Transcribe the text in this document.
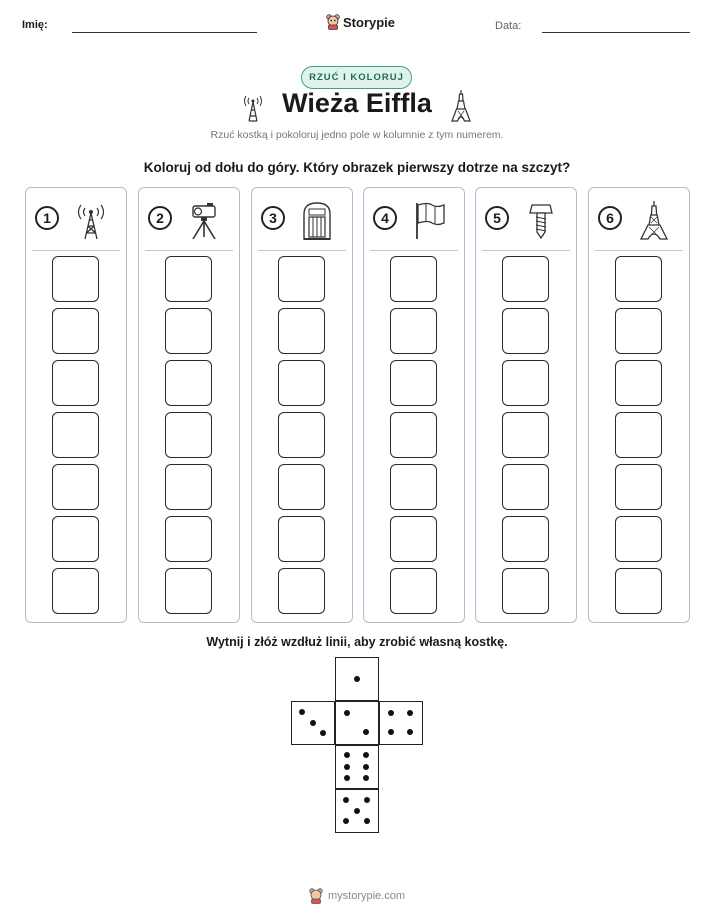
Imię:	Storypie	Data:
RZUĆ I KOLORUJ
Wieża Eiffla
Rzuć kostką i pokoloruj jedno pole w kolumnie z tym numerem.
Koloruj od dołu do góry. Który obrazek pierwszy dotrze na szczyt?
1	2	3	4	5	6
Wytnij i złóż wzdłuż linii, aby zrobić własną kostkę.
mystorypie.com
